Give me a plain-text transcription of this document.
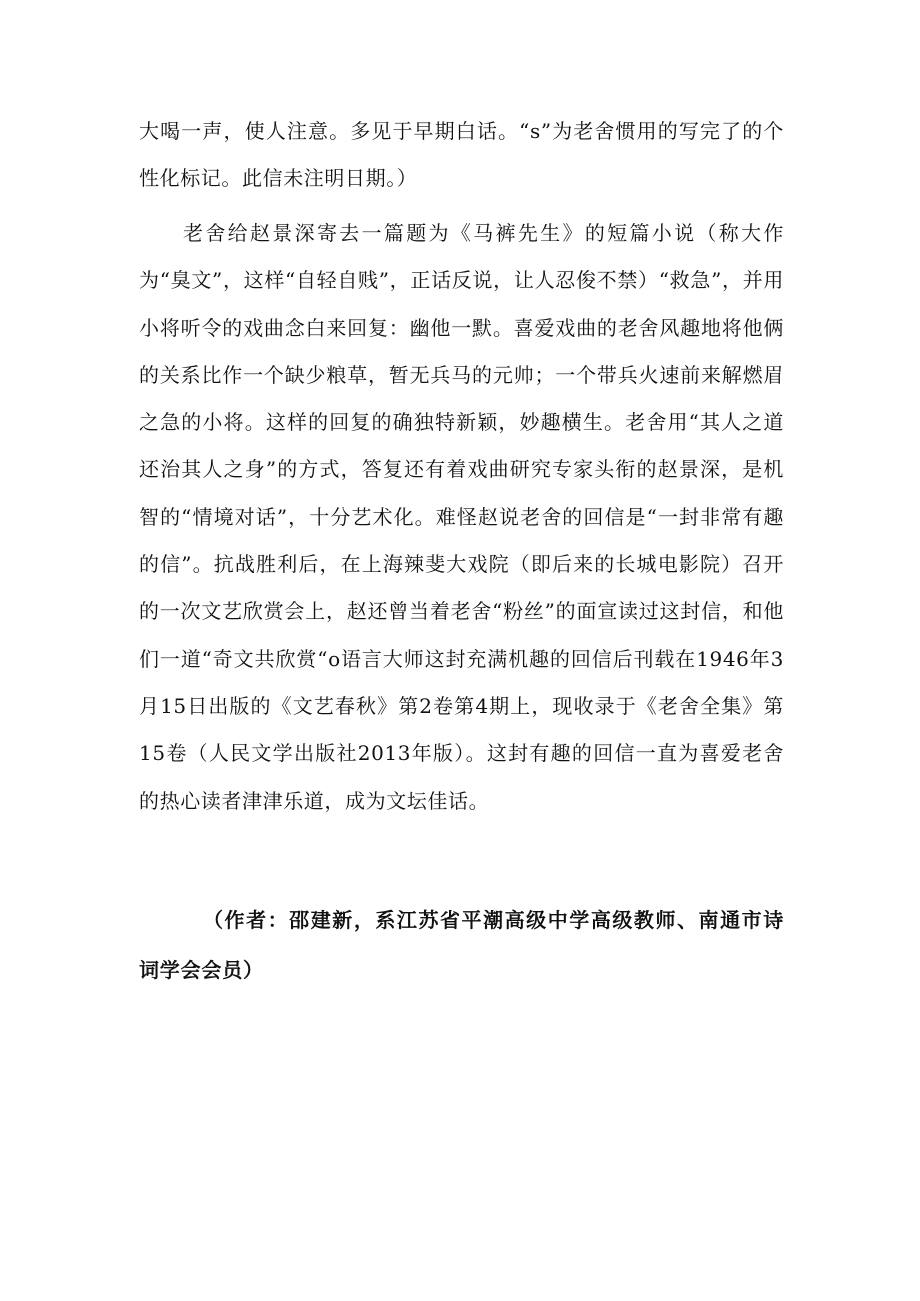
大喝一声，使人注意。多见于早期白话。“s”为老舍惯用的写完了的个性化标记。此信未注明日期。）

老舍给赵景深寄去一篇题为《马裤先生》的短篇小说（称大作为“臭文”，这样“自轻自贱”，正话反说，让人忍俊不禁）“救急”，并用小将听令的戏曲念白来回复：幽他一默。喜爱戏曲的老舍风趣地将他俩的关系比作一个缺少粮草，暂无兵马的元帅；一个带兵火速前来解燃眉之急的小将。这样的回复的确独特新颖，妙趣横生。老舍用“其人之道还治其人之身”的方式，答复还有着戏曲研究专家头衔的赵景深，是机智的“情境对话”，十分艺术化。难怪赵说老舍的回信是“一封非常有趣的信”。抗战胜利后，在上海辣斐大戏院（即后来的长城电影院）召开的一次文艺欣赏会上，赵还曾当着老舍“粉丝”的面宣读过这封信，和他们一道“奇文共欣赏“o语言大师这封充满机趣的回信后刊载在1946年3月15日出版的《文艺春秋》第2卷第4期上，现收录于《老舍全集》第15卷（人民文学出版社2013年版）。这封有趣的回信一直为喜爱老舍的热心读者津津乐道，成为文坛佳话。

（作者：邵建新，系江苏省平潮高级中学高级教师、南通市诗词学会会员）
